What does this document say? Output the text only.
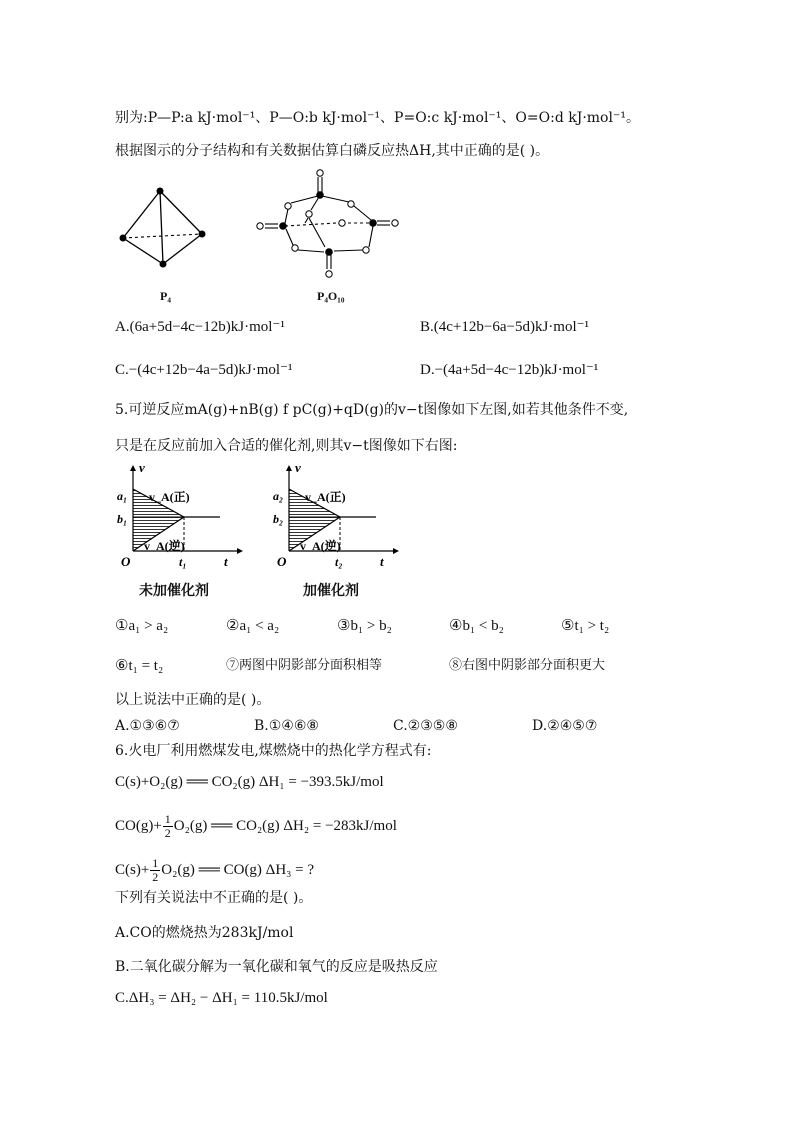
别为:P—P:a kJ·mol⁻¹、P—O:b kJ·mol⁻¹、P=O:c kJ·mol⁻¹、O=O:d kJ·mol⁻¹。
根据图示的分子结构和有关数据估算白磷反应热ΔH,其中正确的是( )。
P₄	P₄O₁₀
A.(6a+5d−4c−12b)kJ·mol⁻¹	B.(4c+12b−6a−5d)kJ·mol⁻¹
C.−(4c+12b−4a−5d)kJ·mol⁻¹	D.−(4a+5d−4c−12b)kJ·mol⁻¹
5.可逆反应mA(g)+nB(g) f pC(g)+qD(g)的v−t图像如下左图,如若其他条件不变,
只是在反应前加入合适的催化剂,则其v−t图像如下右图:
v
a₁
b₁
v_A(正)
v_A(逆)
O	t₁	t
未加催化剂
v
a₂
b₂
v_A(正)
v_A(逆)
O	t₂	t
加催化剂
①a₁ > a₂	②a₁ < a₂	③b₁ > b₂	④b₁ < b₂	⑤t₁ > t₂
⑥t₁ = t₂	⑦两图中阴影部分面积相等	⑧右图中阴影部分面积更大
以上说法中正确的是( )。
A.①③⑥⑦	B.①④⑥⑧	C.②③⑤⑧	D.②④⑤⑦
6.火电厂利用燃煤发电,煤燃烧中的热化学方程式有:
C(s)+O₂(g) ══ CO₂(g) ΔH₁ = −393.5kJ/mol
$CO(g)+ \frac{1}{2} O_2(g)$ ══ CO₂(g) ΔH₂ = −283kJ/mol
$C(s)+ \frac{1}{2} O_2(g)$ ══ CO(g) ΔH₃ = ?
下列有关说法中不正确的是( )。
A.CO的燃烧热为283kJ/mol
B.二氧化碳分解为一氧化碳和氧气的反应是吸热反应
C.ΔH₃ = ΔH₂ − ΔH₁ = 110.5kJ/mol
